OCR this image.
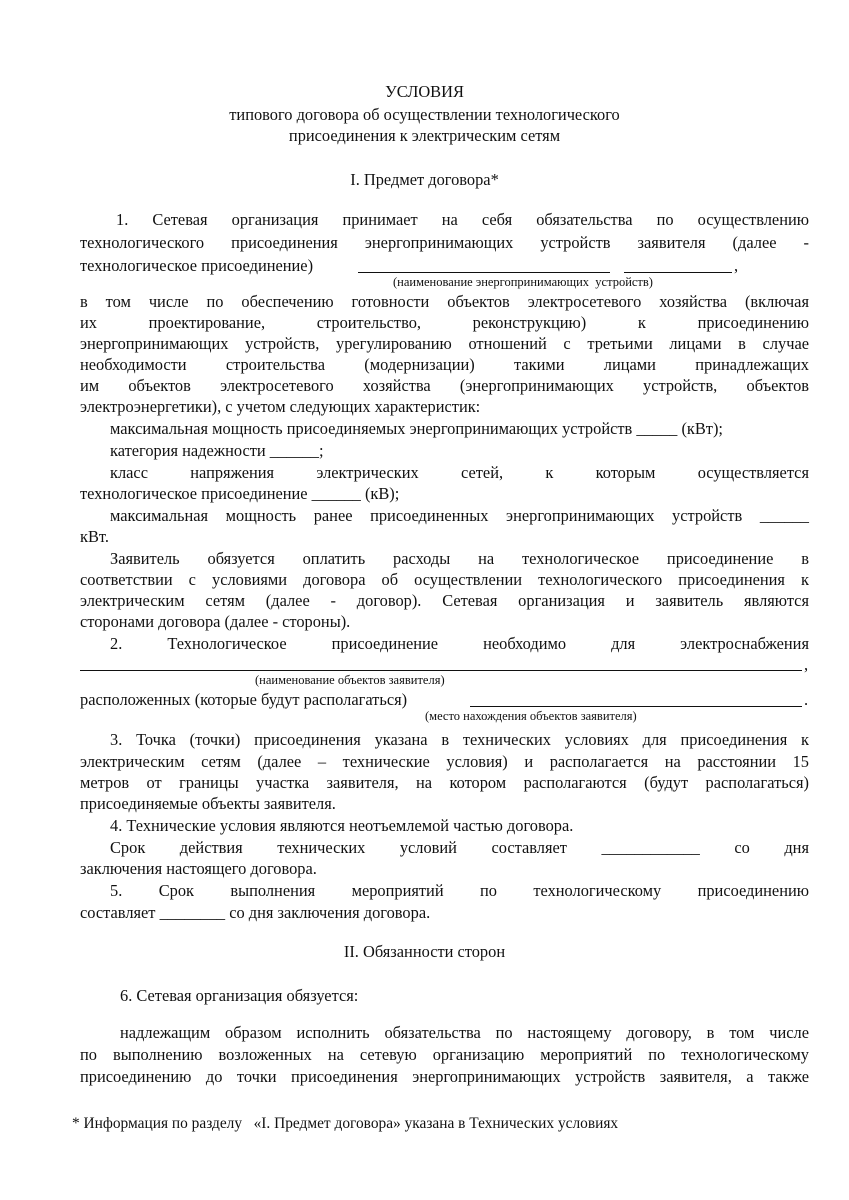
УСЛОВИЯ
типового договора об осуществлении технологического
присоединения к электрическим сетям
I. Предмет договора*
1. Сетевая организация принимает на себя обязательства по осуществлению
технологического присоединения энергопринимающих устройств заявителя (далее -
технологическое присоединение)	,
(наименование энергопринимающих  устройств)
в том числе по обеспечению готовности объектов электросетевого хозяйства (включая
их проектирование, строительство, реконструкцию) к присоединению
энергопринимающих устройств, урегулированию отношений с третьими лицами в случае
необходимости строительства (модернизации) такими лицами принадлежащих
им объектов электросетевого хозяйства (энергопринимающих устройств, объектов
электроэнергетики), с учетом следующих характеристик:
максимальная мощность присоединяемых энергопринимающих устройств _____ (кВт);
категория надежности ______;
класс напряжения электрических сетей, к которым осуществляется
технологическое присоединение ______ (кВ);
максимальная мощность ранее присоединенных энергопринимающих устройств ______
кВт.
Заявитель обязуется оплатить расходы на технологическое присоединение в
соответствии с условиями договора об осуществлении технологического присоединения к
электрическим сетям (далее - договор). Сетевая организация и заявитель являются
сторонами договора (далее - стороны).
2. Технологическое присоединение необходимо для электроснабжения
,
(наименование объектов заявителя)
расположенных (которые будут располагаться)	.
(место нахождения объектов заявителя)
3. Точка (точки) присоединения указана в технических условиях для присоединения к
электрическим сетям (далее – технические условия) и располагается на расстоянии 15
метров от границы участка заявителя, на котором располагаются (будут располагаться)
присоединяемые объекты заявителя.
4. Технические условия являются неотъемлемой частью договора.
Срок действия технических условий составляет ____________ со дня
заключения настоящего договора.
5. Срок выполнения мероприятий по технологическому присоединению
составляет ________ со дня заключения договора.
II. Обязанности сторон
6. Сетевая организация обязуется:
надлежащим образом исполнить обязательства по настоящему договору, в том числе
по выполнению возложенных на сетевую организацию мероприятий по технологическому
присоединению до точки присоединения энергопринимающих устройств заявителя, а также
* Информация по разделу   «I. Предмет договора» указана в Технических условиях
